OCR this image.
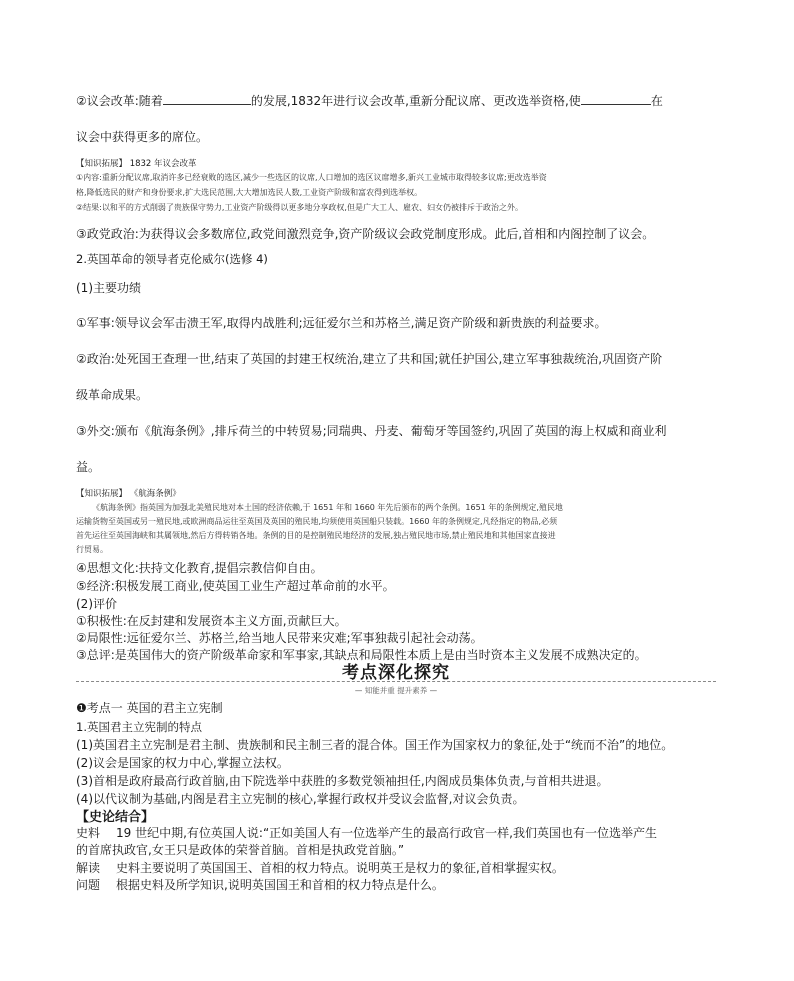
②议会改革:随着	的发展,1832年进行议会改革,重新分配议席、更改选举资格,使	在
议会中获得更多的席位。
【知识拓展】 1832 年议会改革
①内容:重新分配议席,取消许多已经衰败的选区,减少一些选区的议席,人口增加的选区议席增多,新兴工业城市取得较多议席;更改选举资
格,降低选民的财产和身份要求,扩大选民范围,大大增加选民人数,工业资产阶级和富农得到选举权。
②结果:以和平的方式削弱了贵族保守势力,工业资产阶级得以更多地分享政权,但是广大工人、雇农、妇女仍被排斥于政治之外。
③政党政治:为获得议会多数席位,政党间激烈竞争,资产阶级议会政党制度形成。此后,首相和内阁控制了议会。
2.英国革命的领导者克伦威尔(选修 4)
(1)主要功绩
①军事:领导议会军击溃王军,取得内战胜利;远征爱尔兰和苏格兰,满足资产阶级和新贵族的利益要求。
②政治:处死国王查理一世,结束了英国的封建王权统治,建立了共和国;就任护国公,建立军事独裁统治,巩固资产阶
级革命成果。
③外交:颁布《航海条例》,排斥荷兰的中转贸易;同瑞典、丹麦、葡萄牙等国签约,巩固了英国的海上权威和商业利
益。
【知识拓展】 《航海条例》
《航海条例》指英国为加强北美殖民地对本土国的经济依赖,于 1651 年和 1660 年先后颁布的两个条例。1651 年的条例规定,殖民地
运输货物至英国或另一殖民地,或欧洲商品运往至英国及英国的殖民地,均须使用英国船只装载。1660 年的条例规定,凡经指定的物品,必须
首先运往至英国海峡和其属领地,然后方得转销各地。条例的目的是控制殖民地经济的发展,独占殖民地市场,禁止殖民地和其他国家直接进
行贸易。
④思想文化:扶持文化教育,提倡宗教信仰自由。
⑤经济:积极发展工商业,使英国工业生产超过革命前的水平。
(2)评价
①积极性:在反封建和发展资本主义方面,贡献巨大。
②局限性:远征爱尔兰、苏格兰,给当地人民带来灾难;军事独裁引起社会动荡。
③总评:是英国伟大的资产阶级革命家和军事家,其缺点和局限性本质上是由当时资本主义发展不成熟决定的。
考点深化探究
— 知能并重 提升素养 —
❶考点一 英国的君主立宪制
1.英国君主立宪制的特点
(1)英国君主立宪制是君主制、贵族制和民主制三者的混合体。国王作为国家权力的象征,处于“统而不治”的地位。
(2)议会是国家的权力中心,掌握立法权。
(3)首相是政府最高行政首脑,由下院选举中获胜的多数党领袖担任,内阁成员集体负责,与首相共进退。
(4)以代议制为基础,内阁是君主立宪制的核心,掌握行政权并受议会监督,对议会负责。
【史论结合】
史料 19 世纪中期,有位英国人说:“正如美国人有一位选举产生的最高行政官一样,我们英国也有一位选举产生
的首席执政官,女王只是政体的荣誉首脑。首相是执政党首脑。”
解读 史料主要说明了英国国王、首相的权力特点。说明英王是权力的象征,首相掌握实权。
问题 根据史料及所学知识,说明英国国王和首相的权力特点是什么。
